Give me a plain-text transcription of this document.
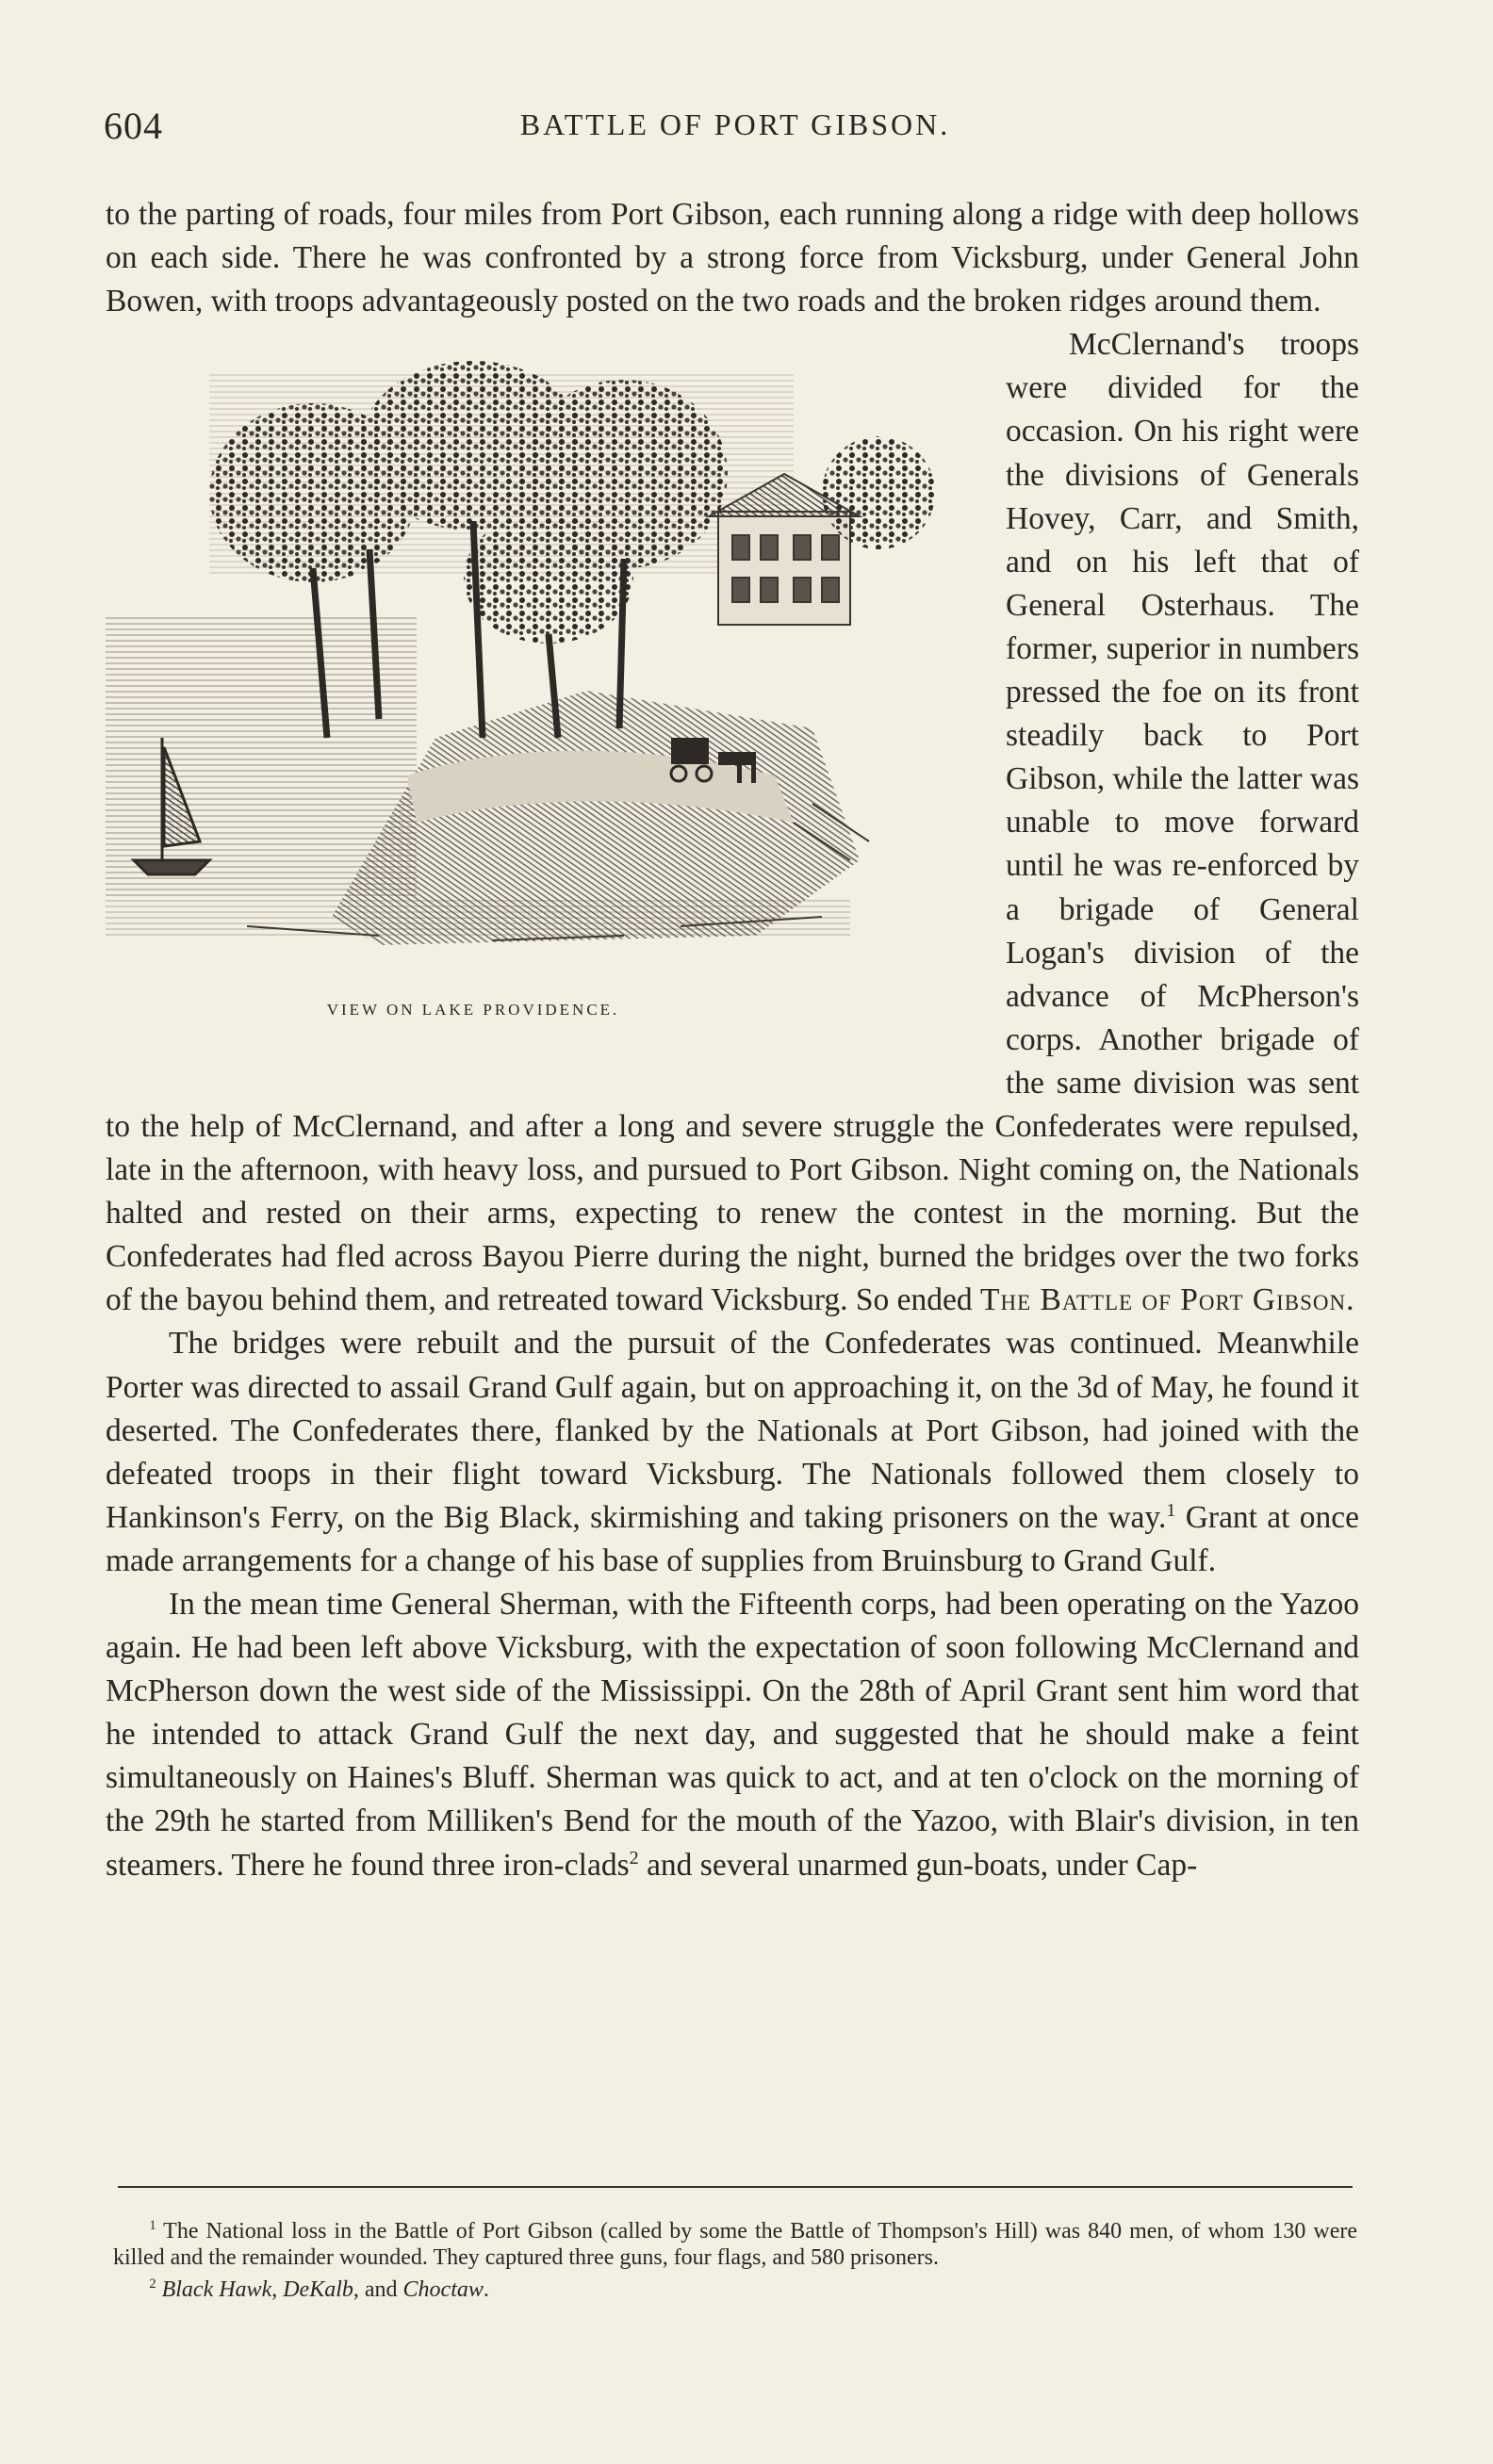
604	BATTLE OF PORT GIBSON.

to the parting of roads, four miles from Port Gibson, each running along a ridge with deep hollows on each side. There he was confronted by a strong force from Vicksburg, under General John Bowen, with troops advantageously posted on the two roads and the broken ridges around them.

VIEW ON LAKE PROVIDENCE.

McClernand's troops were divided for the occasion. On his right were the divisions of Generals Hovey, Carr, and Smith, and on his left that of General Osterhaus. The former, superior in numbers pressed the foe on its front steadily back to Port Gibson, while the latter was unable to move forward until he was re-enforced by a brigade of General Logan's division of the advance of McPherson's corps. Another brigade of the same division was sent to the help of McClernand, and after a long and severe struggle the Confederates were repulsed, late in the afternoon, with heavy loss, and pursued to Port Gibson. Night coming on, the Nationals halted and rested on their arms, expecting to renew the contest in the morning. But the Confederates had fled across Bayou Pierre during the night, burned the bridges over the two forks of the bayou behind them, and retreated toward Vicksburg. So ended The Battle of Port Gibson.

The bridges were rebuilt and the pursuit of the Confederates was continued. Meanwhile Porter was directed to assail Grand Gulf again, but on approaching it, on the 3d of May, he found it deserted. The Confederates there, flanked by the Nationals at Port Gibson, had joined with the defeated troops in their flight toward Vicksburg. The Nationals followed them closely to Hankinson's Ferry, on the Big Black, skirmishing and taking prisoners on the way.$^1$ Grant at once made arrangements for a change of his base of supplies from Bruinsburg to Grand Gulf.

In the mean time General Sherman, with the Fifteenth corps, had been operating on the Yazoo again. He had been left above Vicksburg, with the expectation of soon following McClernand and McPherson down the west side of the Mississippi. On the 28th of April Grant sent him word that he intended to attack Grand Gulf the next day, and suggested that he should make a feint simultaneously on Haines's Bluff. Sherman was quick to act, and at ten o'clock on the morning of the 29th he started from Milliken's Bend for the mouth of the Yazoo, with Blair's division, in ten steamers. There he found three iron-clads$^2$ and several unarmed gun-boats, under Cap-

$^1$ The National loss in the Battle of Port Gibson (called by some the Battle of Thompson's Hill) was 840 men, of whom 130 were killed and the remainder wounded. They captured three guns, four flags, and 580 prisoners.

$^2$ Black Hawk, DeKalb, and Choctaw.
